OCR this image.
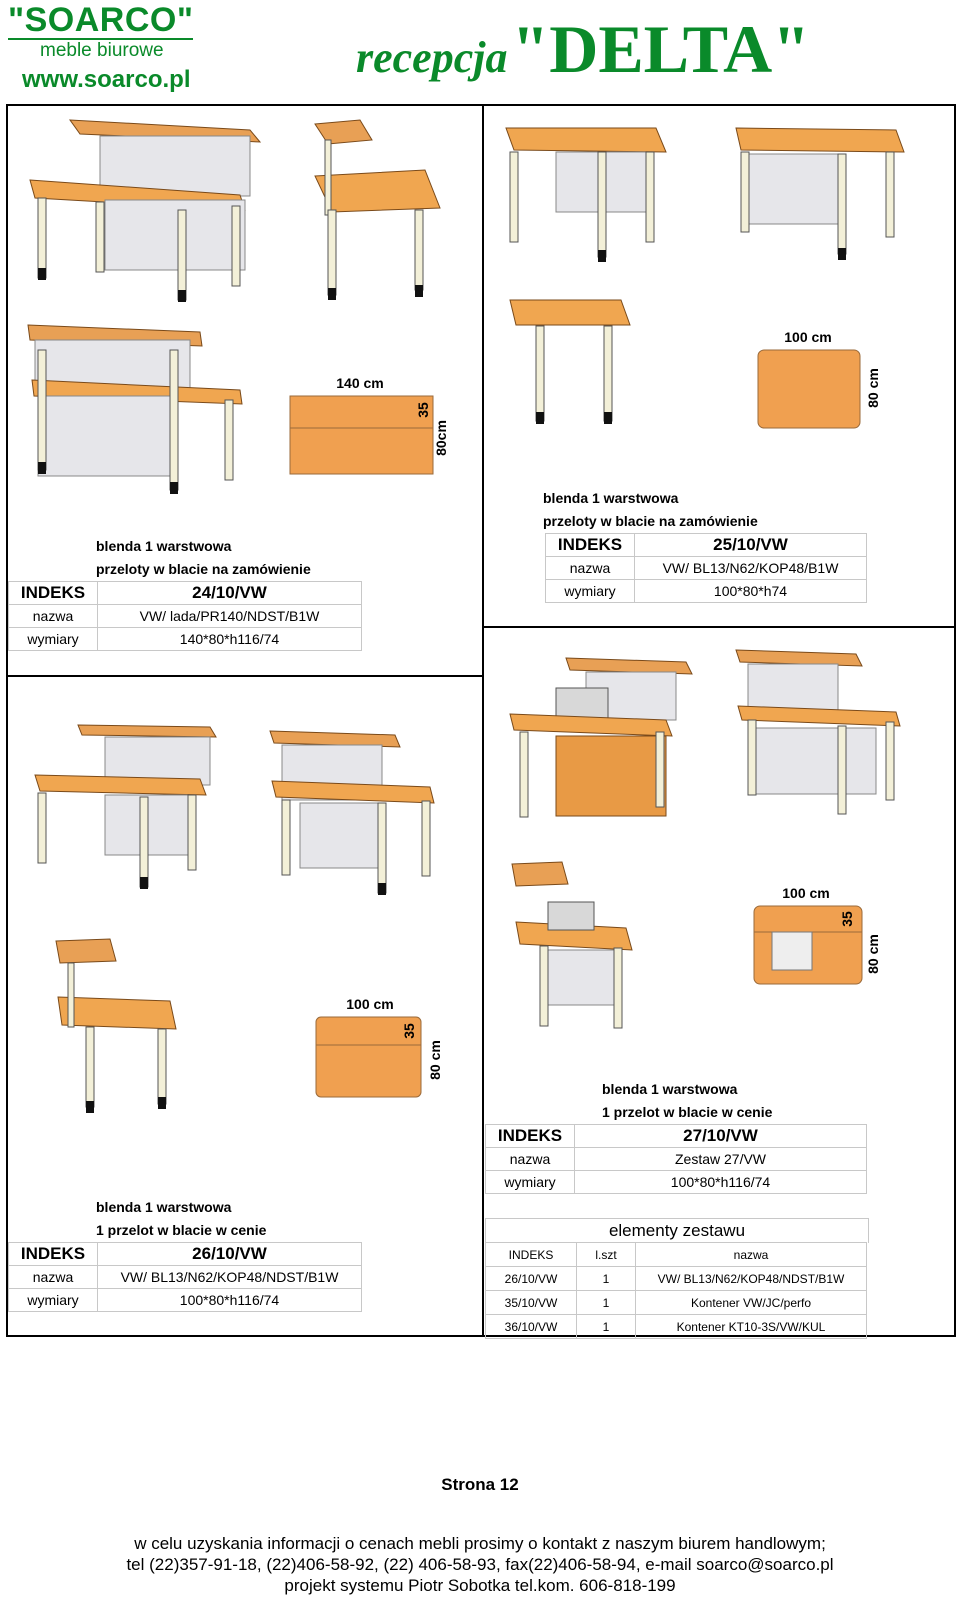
"SOARCO"
meble biurowe
www.soarco.pl	recepcja "DELTA"
140 cm
35
80cm
blenda 1 warstwowa
przeloty w blacie na zamówienie
INDEKS	24/10/VW
nazwa	VW/ lada/PR140/NDST/B1W
wymiary	140*80*h116/74
100 cm
80 cm
blenda 1 warstwowa
przeloty w blacie na zamówienie
INDEKS	25/10/VW
nazwa	VW/ BL13/N62/KOP48/B1W
wymiary	100*80*h74
100 cm
35
80 cm
blenda 1 warstwowa
1 przelot w blacie w cenie
INDEKS	26/10/VW
nazwa	VW/ BL13/N62/KOP48/NDST/B1W
wymiary	100*80*h116/74
100 cm
35
80 cm
blenda 1 warstwowa
1 przelot w blacie w cenie
INDEKS	27/10/VW
nazwa	Zestaw 27/VW
wymiary	100*80*h116/74
elementy zestawu
INDEKS	l.szt	nazwa
26/10/VW	1	VW/ BL13/N62/KOP48/NDST/B1W
35/10/VW	1	Kontener VW/JC/perfo
36/10/VW	1	Kontener KT10-3S/VW/KUL
Strona 12
w celu uzyskania informacji o cenach mebli prosimy o kontakt z naszym biurem handlowym;
tel (22)357-91-18, (22)406-58-92, (22) 406-58-93, fax(22)406-58-94, e-mail soarco@soarco.pl
projekt systemu Piotr Sobotka tel.kom. 606-818-199
